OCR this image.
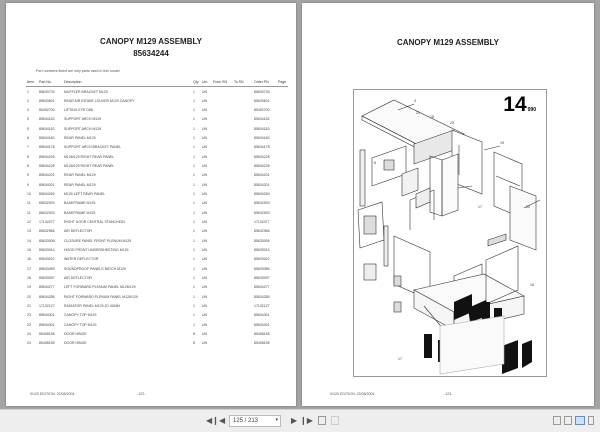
CANOPY M129 ASSEMBLY
85634244
Part numbers listed are only parts used in this model
Item	Part No.	Description	Qty	Um	From SN	To SN	Order PN	Page
1	85633733	MUFFLER BRACKET M129	1	UN			85633733	
2	85633601	REAR AIR INTAKE LOUVER M129 CANOPY	1	UN			85633601	
3	85492700	LIFTING EYE D88	1	UN			85492700	
5	85634152	SUPPORT ARCH M129	1	UN			85634152	
5	85634152	SUPPORT ARCH M129	1	UN			85634152	
6	85634160	REAR PANEL M129	1	UN			85634160	
7	85634178	SUPPORT ARCH BRACKET PANEL	1	UN			85634178	
8	85634228	M128/129 RIGHT REAR PANEL	1	UN			85634228	
8	85634228	M128/129 RIGHT REAR PANEL	1	UN			85634228	
9	85634201	REAR PANEL M129	1	UN			85634201	
9	85634201	REAR PANEL M129	1	UN			85634201	
10	85634269	M129 LEFT REAR PANEL	1	UN			85634269	
11	85632933	BASEFRAME M129	1	UN			85632933	
11	85632933	BASEFRAME M129	1	UN			85632933	
12	17132077	RIGHT DOOR CENTRAL STANCHION	1	UN			17132077	
13	85632966	AIR DEFLECTOR	1	UN			85632966	
14	85633006	CLOSURE PANEL FRONT PLENUM M129	1	UN			85633006	
15	85633014	HOOD FRONT UNDERSHEETING M129	1	UN			85633014	
16	85633022	WATER DEFLECTOR	1	UN			85633022	
17	85633089	SOUNDPROOF PANELS BATCH M129	1	UN			85633089	
18	85633097	AIR DEFLECTOR	1	UN			85633097	
19	85634277	LEFT FORWARD PLENUM PANEL M128/129	1	UN			85634277	
20	85634285	RIGHT FORWARD PLENUM PANEL M128/129	1	UN			85634285	
21	17132127	RADIATOR PANEL M129 JD 4045H	1	UN			17132127	
23	85634301	CANOPY TOP M129	1	UN			85634301	
23	85634301	CANOPY TOP M129	1	UN			85634301	
24	85408155	DOOR HINGE	8	UN			85408155	
24	85408155	DOOR HINGE	8	UN			85408155	
0/120 EDITION: 22/08/2004	-122-
CANOPY M129 ASSEMBLY
14090
3
21
18
23
19
8
17	20
16
17
0/120 EDITION: 22/08/2004	-123-
◀❙ ◀	125 / 213	▾ ▶ ❙▶
